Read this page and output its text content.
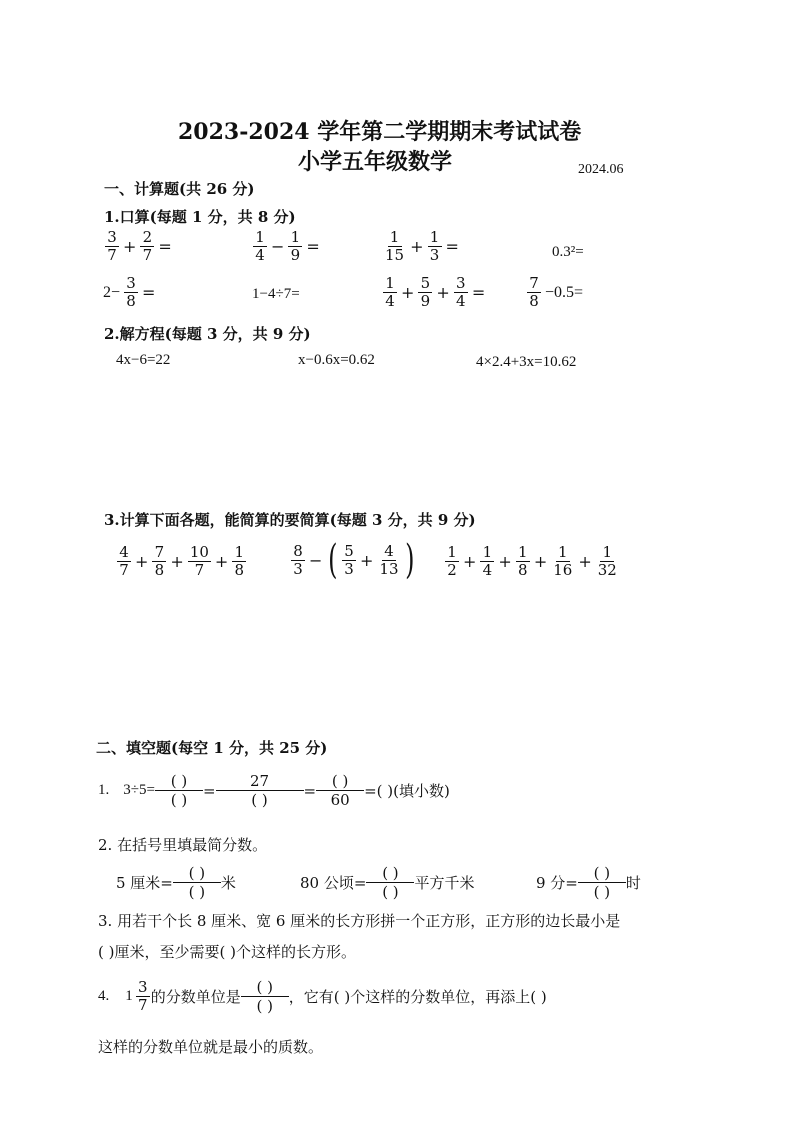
2023-2024 学年第二学期期末考试试卷
小学五年级数学	2024.06
一、计算题(共 26 分)
1.口算(每题 1 分，共 8 分)
$\frac{3}{7} + \frac{2}{7}$ =	$\frac{1}{4} - \frac{1}{9}$ =	$\frac{1}{15} + \frac{1}{3}$ =	0.3²=
$2- \frac{3}{8}$ =	1−4÷7=	$\frac{1}{4} + \frac{5}{9} + \frac{3}{4}$ =	$\frac{7}{8} -0.5=$
2.解方程(每题 3 分，共 9 分)
4x−6=22	x−0.6x=0.62	4×2.4+3x=10.62
3.计算下面各题，能简算的要简算(每题 3 分，共 9 分)
$\frac{4}{7} + \frac{7}{8} + \frac{10}{7} + \frac{1}{8}$	$\frac{8}{3}$ − ( $\frac{5}{3} + \frac{4}{13}$ ) $\frac{1}{2} + \frac{1}{4} + \frac{1}{8} + \frac{1}{16} + \frac{1}{32}$
二、填空题(每空 1 分，共 25 分)
1. 3÷5=	( )
( )
=
27
( )
=
( )
60 =( )(填小数)
2. 在括号里填最简分数。
5 厘米=
( )
( ) 米	80 公顷=
( )
( ) 平方千米	9 分=
( )
( ) 时
3. 用若干个长 8 厘米、宽 6 厘米的长方形拼一个正方形，正方形的边长最小是
( )厘米，至少需要( )个这样的长方形。
4. $1 \frac{3}{7}$ 的分数单位是
( )
( ) ，它有( )个这样的分数单位，再添上( )
这样的分数单位就是最小的质数。
